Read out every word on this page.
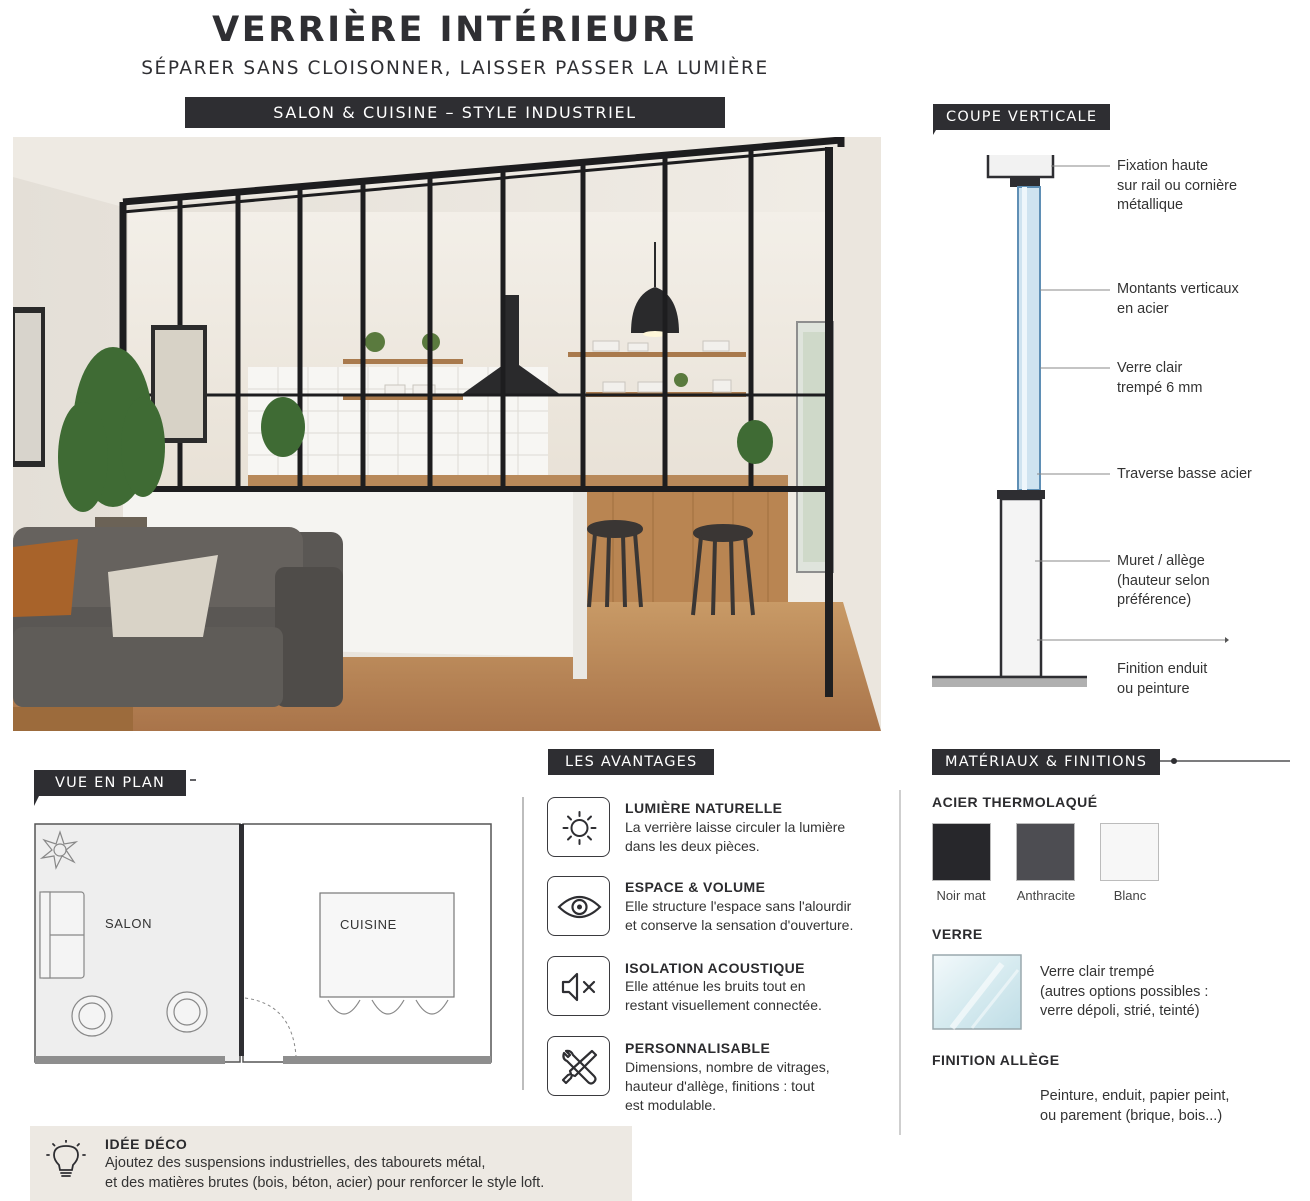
VERRIÈRE INTÉRIEURE
SÉPARER SANS CLOISONNER, LAISSER PASSER LA LUMIÈRE
SALON & CUISINE – STYLE INDUSTRIEL	COUPE VERTICALE
Fixation haute
sur rail ou cornière
métallique
Montants verticaux
en acier
Verre clair
trempé 6 mm
Traverse basse acier
Muret / allège
(hauteur selon
préférence)
Finition enduit
ou peinture
VUE EN PLAN
SALON	CUISINE
LES AVANTAGES
LUMIÈRE NATURELLE
La verrière laisse circuler la lumière
dans les deux pièces.
ESPACE & VOLUME
Elle structure l'espace sans l'alourdir
et conserve la sensation d'ouverture.
ISOLATION ACOUSTIQUE
Elle atténue les bruits tout en
restant visuellement connectée.
PERSONNALISABLE
Dimensions, nombre de vitrages,
hauteur d'allège, finitions : tout
est modulable.
MATÉRIAUX & FINITIONS
ACIER THERMOLAQUÉ
Noir mat	Anthracite	Blanc
VERRE
Verre clair trempé
(autres options possibles :
verre dépoli, strié, teinté)
FINITION ALLÈGE
Peinture, enduit, papier peint,
ou parement (brique, bois...)
IDÉE DÉCO
Ajoutez des suspensions industrielles, des tabourets métal,
et des matières brutes (bois, béton, acier) pour renforcer le style loft.
